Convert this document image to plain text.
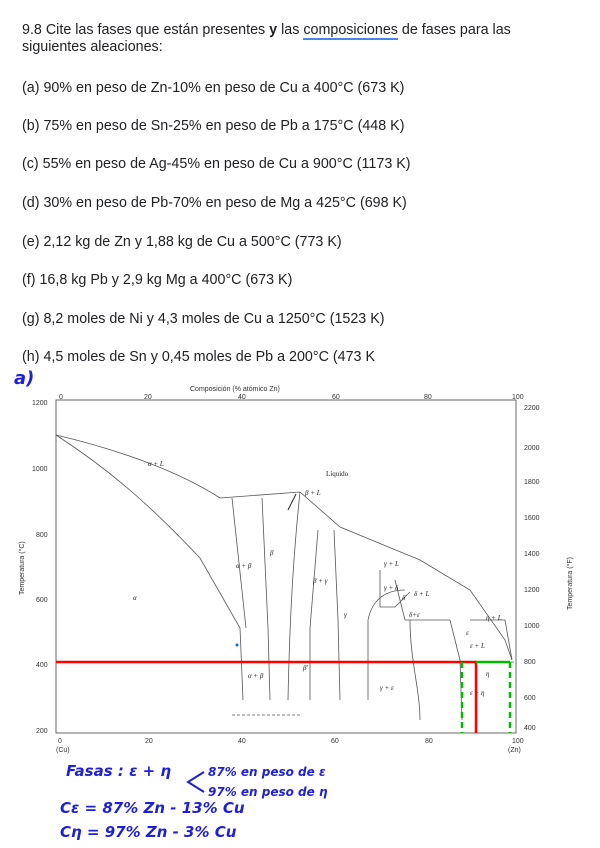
9.8 Cite las fases que están presentes y las composiciones de fases para las
siguientes aleaciones:
(a) 90% en peso de Zn-10% en peso de Cu a 400°C (673 K)
(b) 75% en peso de Sn-25% en peso de Pb a 175°C (448 K)
(c) 55% en peso de Ag-45% en peso de Cu a 900°C (1173 K)
(d) 30% en peso de Pb-70% en peso de Mg a 425°C (698 K)
(e) 2,12 kg de Zn y 1,88 kg de Cu a 500°C (773 K)
(f) 16,8 kg Pb y 2,9 kg Mg a 400°C (673 K)
(g) 8,2 moles de Ni y 4,3 moles de Cu a 1250°C (1523 K)
(h) 4,5 moles de Sn y 0,45 moles de Pb a 200°C (473 K
Composición (% atómico Zn)
0	20	40	60	80	100
1200
1000
800
600
400
200
Temperatura (°C)
2200
2000
1800
1600
1400
1200
1000
800
600
400
Temperatura (°F)
0	20	40	60	80	100
(Cu)	(Zn)
Líquido
β + L
α + L
α
α + β
β
β + γ
γ
γ + L
γ + δ
δ δ + L
δ+ε
ε
ε + L
η + L
η
α + β
β'
γ + ε
ε + η
a)
Fasas : ε + η	87% en peso de ε
97% en peso de η
Cε = 87% Zn - 13% Cu
Cη = 97% Zn - 3% Cu
